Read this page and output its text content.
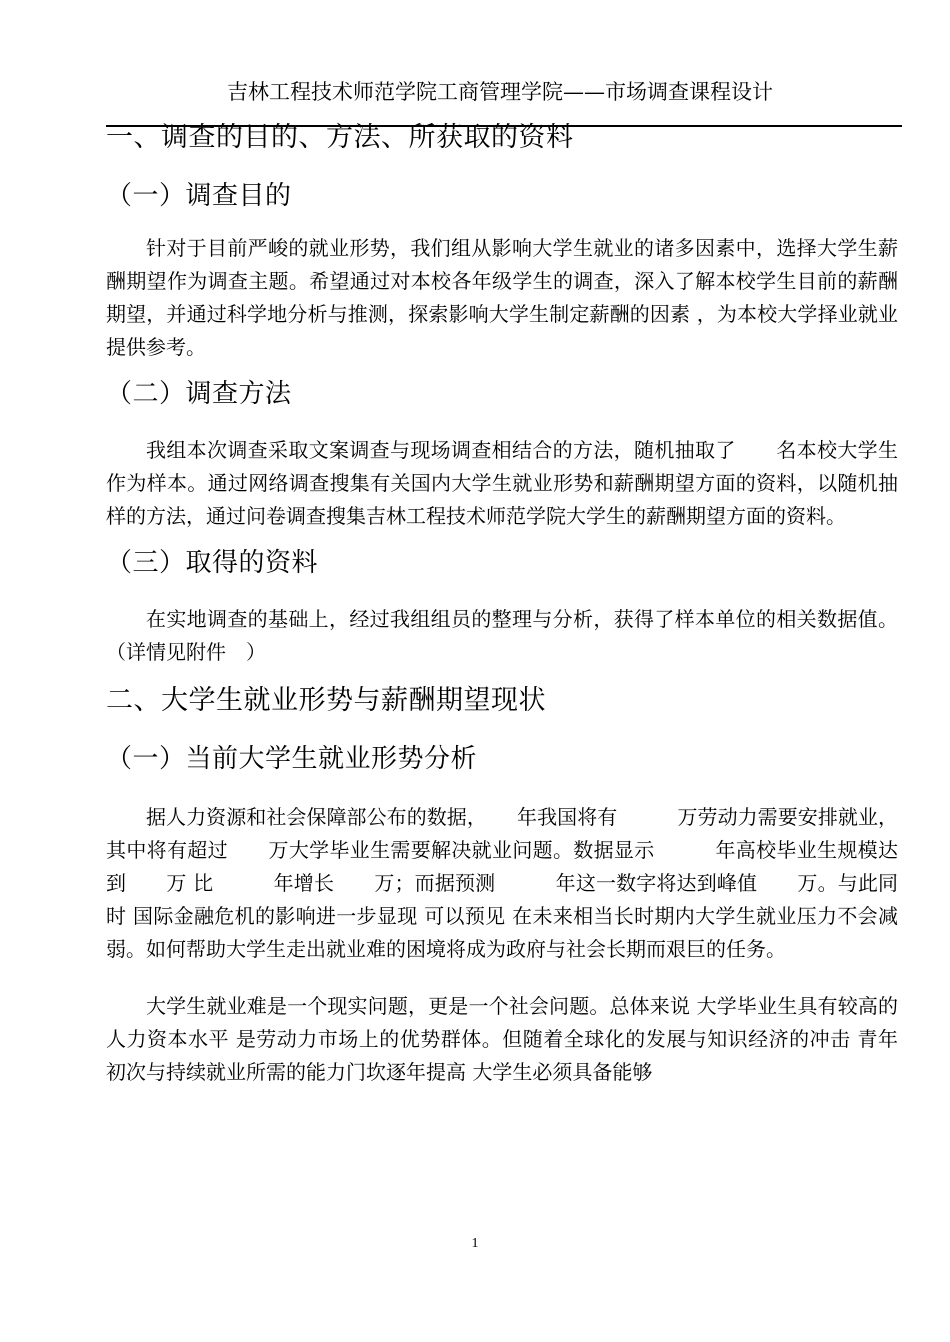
吉林工程技术师范学院工商管理学院——市场调查课程设计
一、调查的目的、方法、所获取的资料
（一）调查目的

针对于目前严峻的就业形势，我们组从影响大学生就业的诸多因素中，选择大学生薪酬期望作为调查主题。希望通过对本校各年级学生的调查，深入了解本校学生目前的薪酬期望，并通过科学地分析与推测，探索影响大学生制定薪酬的因素 ，为本校大学择业就业提供参考。

（二）调查方法

我组本次调查采取文案调查与现场调查相结合的方法，随机抽取了　　名本校大学生作为样本。通过网络调查搜集有关国内大学生就业形势和薪酬期望方面的资料，以随机抽样的方法，通过问卷调查搜集吉林工程技术师范学院大学生的薪酬期望方面的资料。

（三）取得的资料

在实地调查的基础上，经过我组组员的整理与分析，获得了样本单位的相关数据值。（详情见附件　）

二、大学生就业形势与薪酬期望现状
（一）当前大学生就业形势分析

据人力资源和社会保障部公布的数据，　　年我国将有　　　万劳动力需要安排就业，其中将有超过　　万大学毕业生需要解决就业问题。数据显示　　　年高校毕业生规模达到　　万 比　　　年增长　　万；而据预测　　　年这一数字将达到峰值　　万。与此同时 国际金融危机的影响进一步显现 可以预见 在未来相当长时期内大学生就业压力不会减弱。如何帮助大学生走出就业难的困境将成为政府与社会长期而艰巨的任务。

大学生就业难是一个现实问题，更是一个社会问题。总体来说 大学毕业生具有较高的人力资本水平 是劳动力市场上的优势群体。但随着全球化的发展与知识经济的冲击 青年初次与持续就业所需的能力门坎逐年提高 大学生必须具备能够

1
